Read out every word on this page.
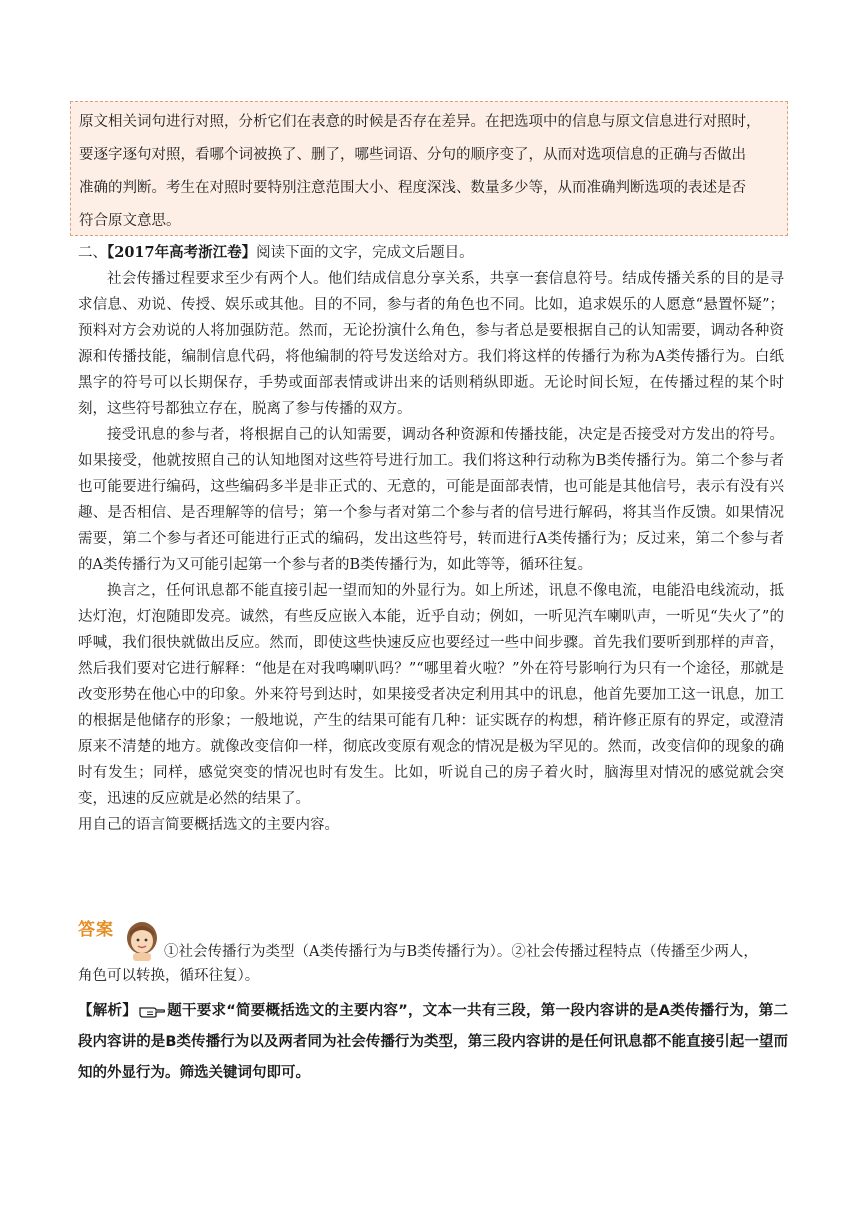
原文相关词句进行对照，分析它们在表意的时候是否存在差异。在把选项中的信息与原文信息进行对照时，

要逐字逐句对照，看哪个词被换了、删了，哪些词语、分句的顺序变了，从而对选项信息的正确与否做出

准确的判断。考生在对照时要特别注意范围大小、程度深浅、数量多少等，从而准确判断选项的表述是否

符合原文意思。

二、【2017年高考浙江卷】阅读下面的文字，完成文后题目。

社会传播过程要求至少有两个人。他们结成信息分享关系，共享一套信息符号。结成传播关系的目的是寻求信息、劝说、传授、娱乐或其他。目的不同，参与者的角色也不同。比如，追求娱乐的人愿意“悬置怀疑”；预料对方会劝说的人将加强防范。然而，无论扮演什么角色，参与者总是要根据自己的认知需要，调动各种资源和传播技能，编制信息代码，将他编制的符号发送给对方。我们将这样的传播行为称为A类传播行为。白纸黑字的符号可以长期保存，手势或面部表情或讲出来的话则稍纵即逝。无论时间长短，在传播过程的某个时刻，这些符号都独立存在，脱离了参与传播的双方。

接受讯息的参与者，将根据自己的认知需要，调动各种资源和传播技能，决定是否接受对方发出的符号。如果接受，他就按照自己的认知地图对这些符号进行加工。我们将这种行动称为B类传播行为。第二个参与者也可能要进行编码，这些编码多半是非正式的、无意的，可能是面部表情，也可能是其他信号，表示有没有兴趣、是否相信、是否理解等的信号；第一个参与者对第二个参与者的信号进行解码，将其当作反馈。如果情况需要，第二个参与者还可能进行正式的编码，发出这些符号，转而进行A类传播行为；反过来，第二个参与者的A类传播行为又可能引起第一个参与者的B类传播行为，如此等等，循环往复。

换言之，任何讯息都不能直接引起一望而知的外显行为。如上所述，讯息不像电流，电能沿电线流动，抵达灯泡，灯泡随即发亮。诚然，有些反应嵌入本能，近乎自动；例如，一听见汽车喇叭声，一听见“失火了”的呼喊，我们很快就做出反应。然而，即使这些快速反应也要经过一些中间步骤。首先我们要听到那样的声音，然后我们要对它进行解释：“他是在对我鸣喇叭吗？”“哪里着火啦？”外在符号影响行为只有一个途径，那就是改变形势在他心中的印象。外来符号到达时，如果接受者决定利用其中的讯息，他首先要加工这一讯息，加工的根据是他储存的形象；一般地说，产生的结果可能有几种：证实既存的构想，稍许修正原有的界定，或澄清原来不清楚的地方。就像改变信仰一样，彻底改变原有观念的情况是极为罕见的。然而，改变信仰的现象的确时有发生；同样，感觉突变的情况也时有发生。比如，听说自己的房子着火时，脑海里对情况的感觉就会突变，迅速的反应就是必然的结果了。

用自己的语言简要概括选文的主要内容。

答案
①社会传播行为类型（A类传播行为与B类传播行为）。②社会传播过程特点（传播至少两人，
角色可以转换，循环往复）。
【解析】 题干要求“简要概括选文的主要内容”，文本一共有三段，第一段内容讲的是A类传播行为，第二段内容讲的是B类传播行为以及两者同为社会传播行为类型，第三段内容讲的是任何讯息都不能直接引起一望而知的外显行为。筛选关键词句即可。
